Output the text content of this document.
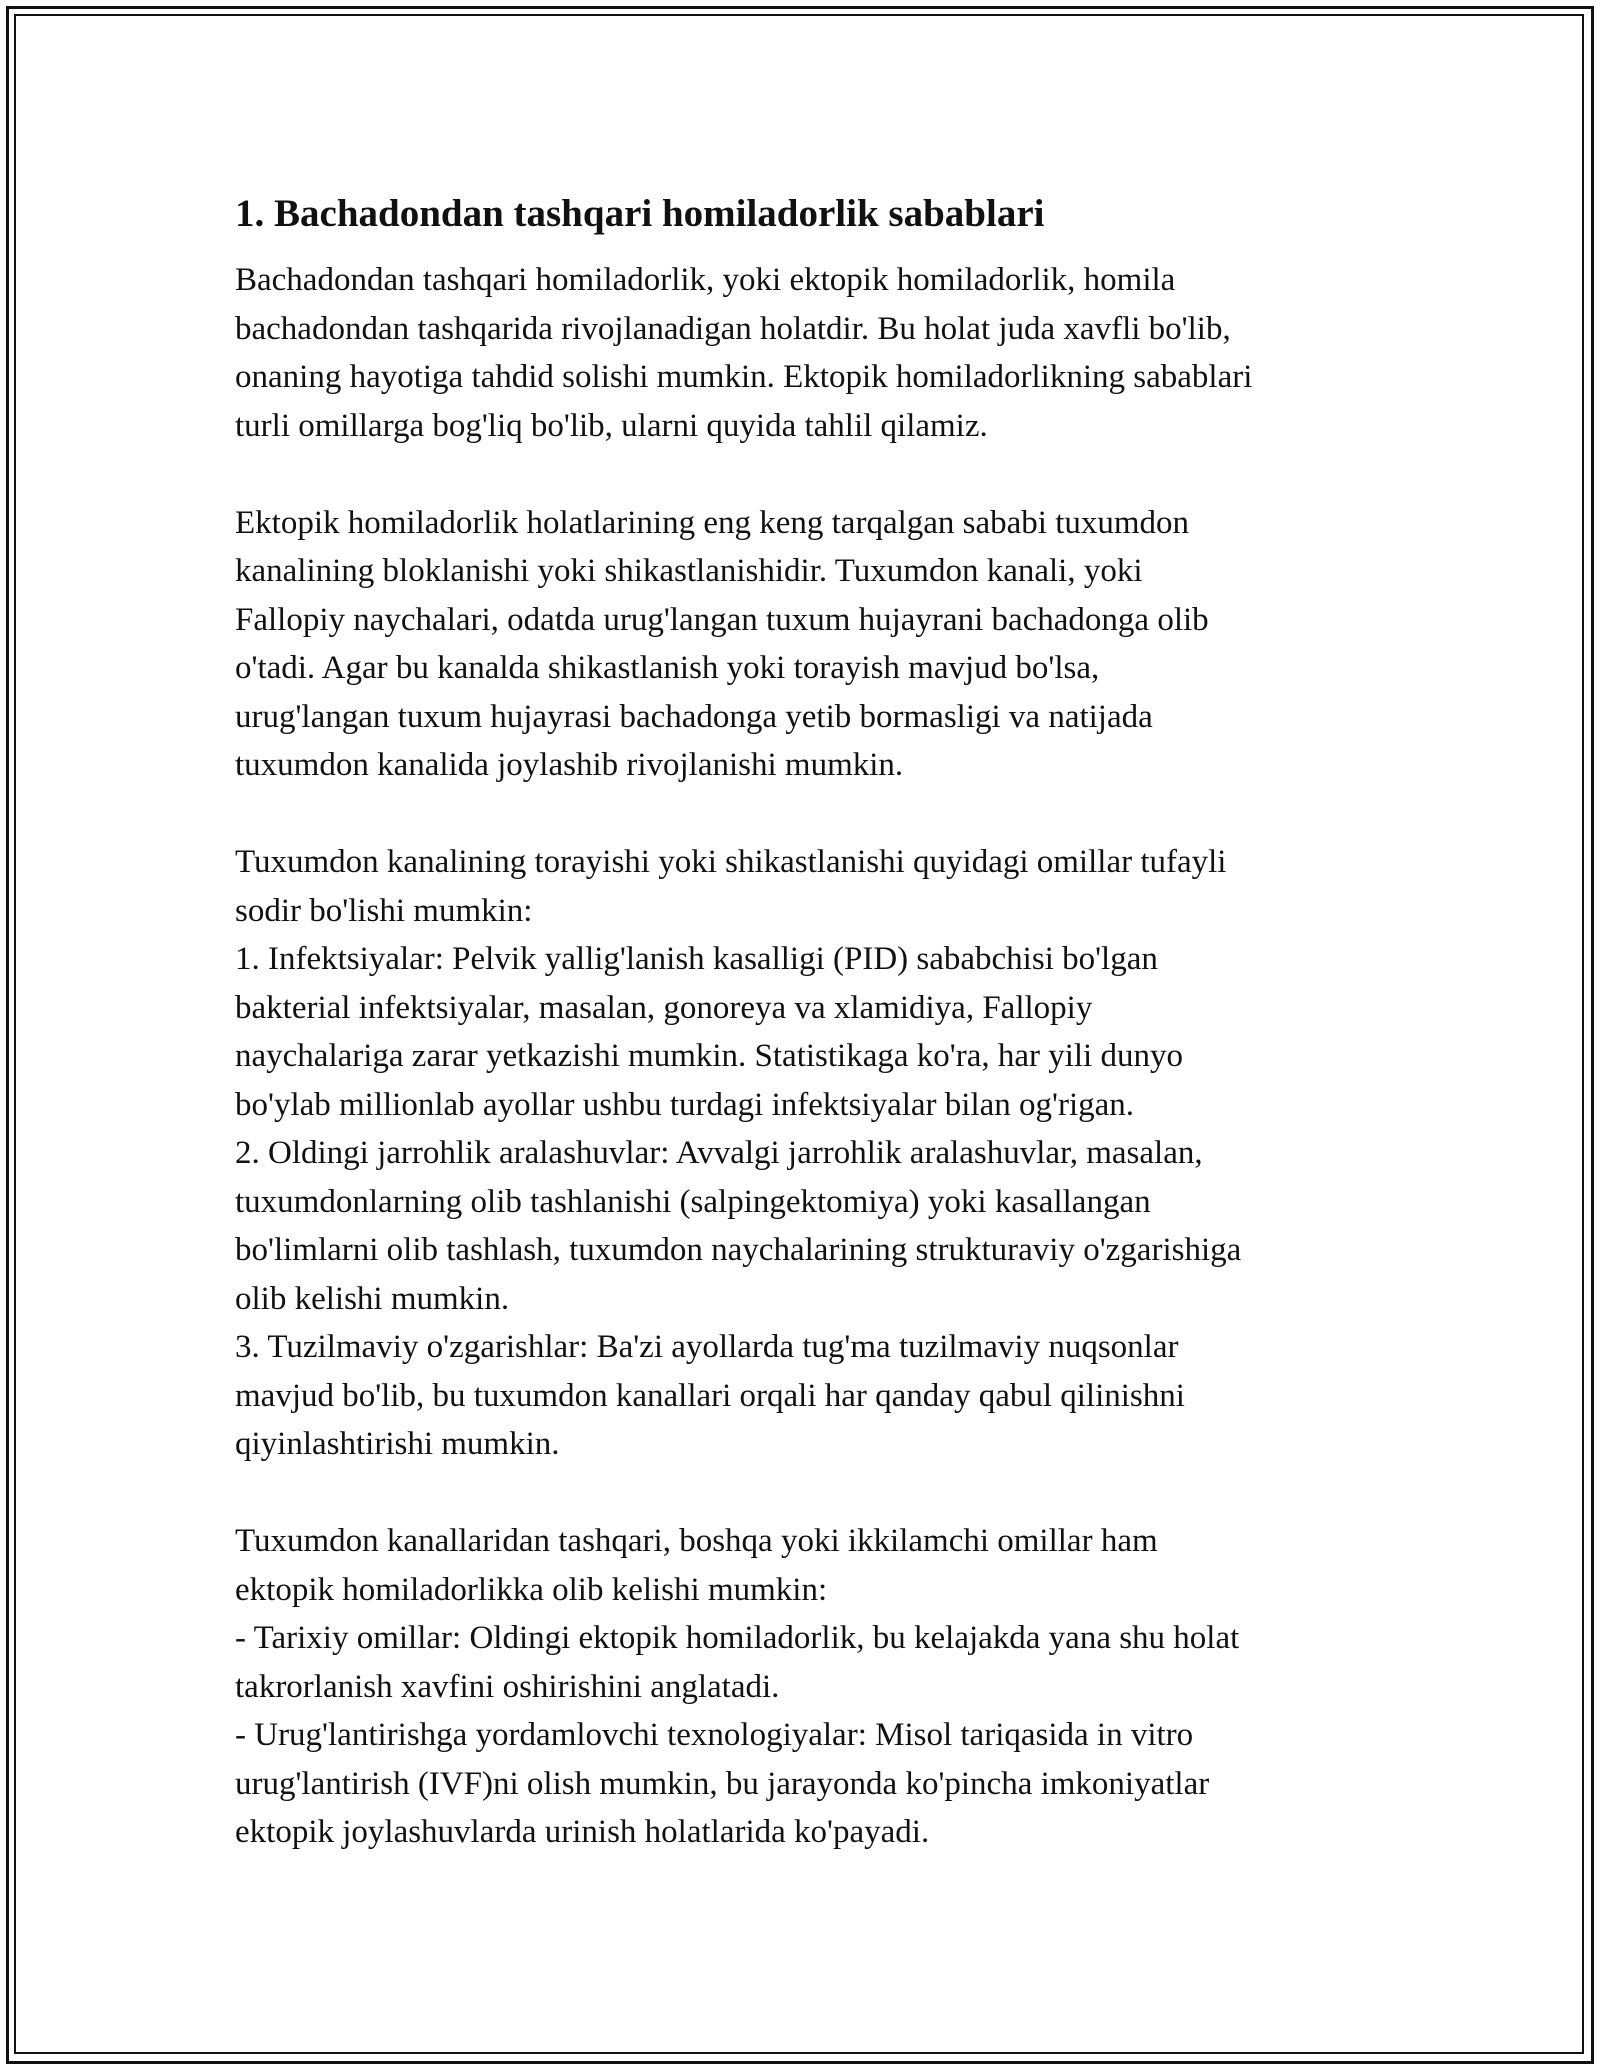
1. Bachadondan tashqari homiladorlik sabablari
Bachadondan tashqari homiladorlik, yoki ektopik homiladorlik, homila
bachadondan tashqarida rivojlanadigan holatdir. Bu holat juda xavfli bo'lib,
onaning hayotiga tahdid solishi mumkin. Ektopik homiladorlikning sabablari
turli omillarga bog'liq bo'lib, ularni quyida tahlil qilamiz.
Ektopik homiladorlik holatlarining eng keng tarqalgan sababi tuxumdon
kanalining bloklanishi yoki shikastlanishidir. Tuxumdon kanali, yoki
Fallopiy naychalari, odatda urug'langan tuxum hujayrani bachadonga olib
o'tadi. Agar bu kanalda shikastlanish yoki torayish mavjud bo'lsa,
urug'langan tuxum hujayrasi bachadonga yetib bormasligi va natijada
tuxumdon kanalida joylashib rivojlanishi mumkin.
Tuxumdon kanalining torayishi yoki shikastlanishi quyidagi omillar tufayli
sodir bo'lishi mumkin:
1. Infektsiyalar: Pelvik yallig'lanish kasalligi (PID) sababchisi bo'lgan
bakterial infektsiyalar, masalan, gonoreya va xlamidiya, Fallopiy
naychalariga zarar yetkazishi mumkin. Statistikaga ko'ra, har yili dunyo
bo'ylab millionlab ayollar ushbu turdagi infektsiyalar bilan og'rigan.
2. Oldingi jarrohlik aralashuvlar: Avvalgi jarrohlik aralashuvlar, masalan,
tuxumdonlarning olib tashlanishi (salpingektomiya) yoki kasallangan
bo'limlarni olib tashlash, tuxumdon naychalarining strukturaviy o'zgarishiga
olib kelishi mumkin.
3. Tuzilmaviy o'zgarishlar: Ba'zi ayollarda tug'ma tuzilmaviy nuqsonlar
mavjud bo'lib, bu tuxumdon kanallari orqali har qanday qabul qilinishni
qiyinlashtirishi mumkin.
Tuxumdon kanallaridan tashqari, boshqa yoki ikkilamchi omillar ham
ektopik homiladorlikka olib kelishi mumkin:
- Tarixiy omillar: Oldingi ektopik homiladorlik, bu kelajakda yana shu holat
takrorlanish xavfini oshirishini anglatadi.
- Urug'lantirishga yordamlovchi texnologiyalar: Misol tariqasida in vitro
urug'lantirish (IVF)ni olish mumkin, bu jarayonda ko'pincha imkoniyatlar
ektopik joylashuvlarda urinish holatlarida ko'payadi.
